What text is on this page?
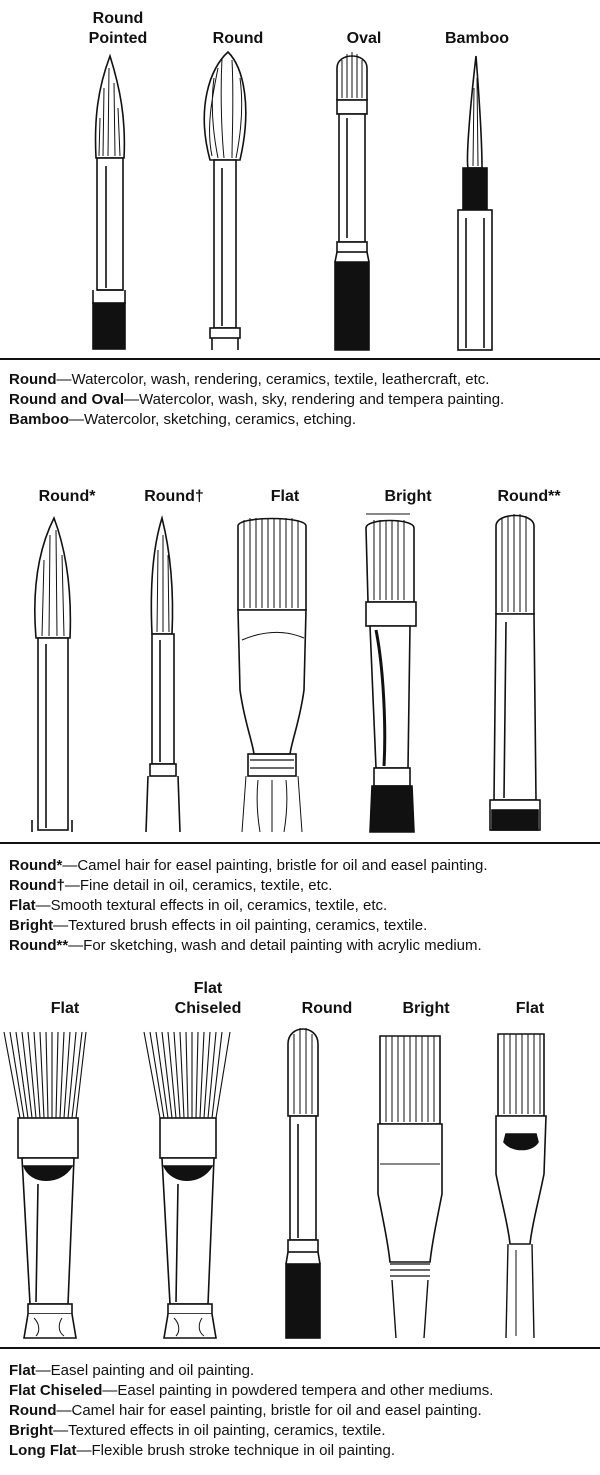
Round
Pointed	Round	Oval	Bamboo

Round—Watercolor, wash, rendering, ceramics, textile, leathercraft, etc.

Round and Oval—Watercolor, wash, sky, rendering and tempera painting.

Bamboo—Watercolor, sketching, ceramics, etching.

Round*	Round†	Flat	Bright	Round**

Round*—Camel hair for easel painting, bristle for oil and easel painting.

Round†—Fine detail in oil, ceramics, textile, etc.

Flat—Smooth textural effects in oil, ceramics, textile, etc.

Bright—Textured brush effects in oil painting, ceramics, textile.

Round**—For sketching, wash and detail painting with acrylic medium.

Flat
Flat
Chiseled	Round	Bright	Flat

Flat—Easel painting and oil painting.

Flat Chiseled—Easel painting in powdered tempera and other mediums.

Round—Camel hair for easel painting, bristle for oil and easel painting.

Bright—Textured effects in oil painting, ceramics, textile.

Long Flat—Flexible brush stroke technique in oil painting.
